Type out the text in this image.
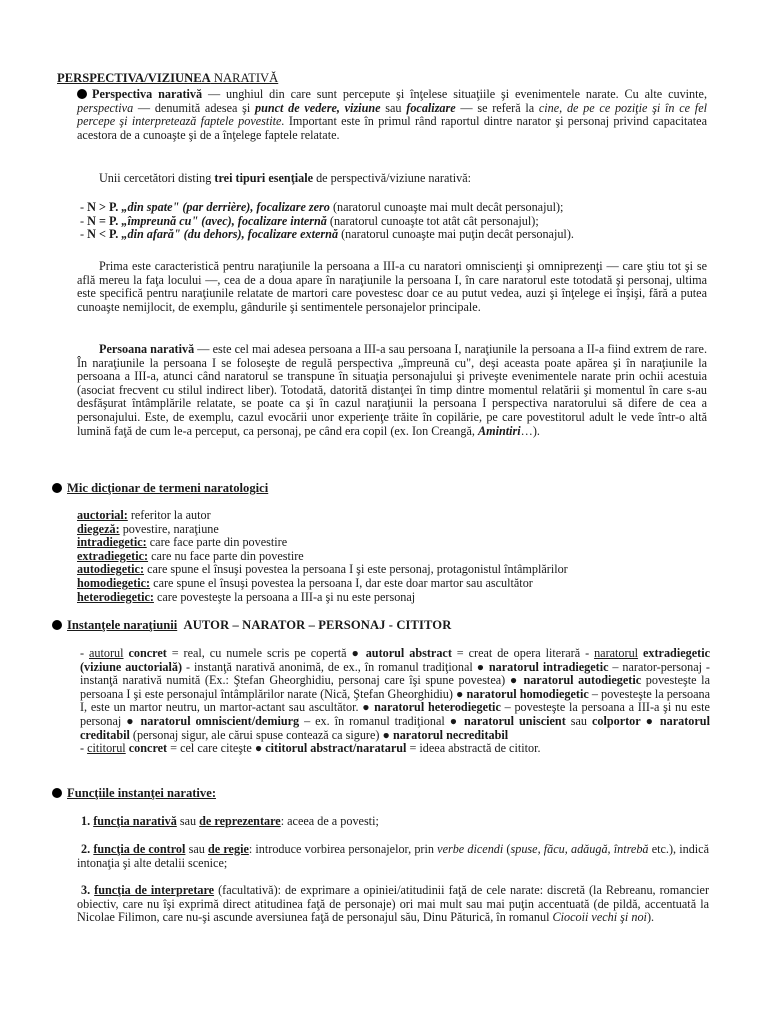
PERSPECTIVA/VIZIUNEA NARATIVĂ

Perspectiva narativă — unghiul din care sunt percepute şi înţelese situaţiile şi evenimentele narate. Cu alte cuvinte, perspectiva — denumită adesea şi punct de vedere, viziune sau focalizare — se referă la cine, de pe ce poziţie şi în ce fel percepe şi interpretează faptele povestite. Important este în primul rând raportul dintre narator şi personaj privind capacitatea acestora de a cunoaşte şi de a înţelege faptele relatate.

Unii cercetători disting trei tipuri esenţiale de perspectivă/viziune narativă:

- N > P. „din spate" (par derrière), focalizare zero (naratorul cunoaşte mai mult decât personajul);

- N = P. „împreună cu" (avec), focalizare internă (naratorul cunoaşte tot atât cât personajul);

- N < P. „din afară" (du dehors), focalizare externă (naratorul cunoaşte mai puţin decât personajul).

Prima este caracteristică pentru naraţiunile la persoana a III-a cu naratori omniscienţi şi omniprezenţi — care ştiu tot şi se află mereu la faţa locului —, cea de a doua apare în naraţiunile la persoana I, în care naratorul este totodată şi personaj, ultima este specifică pentru naraţiunile relatate de martori care povestesc doar ce au putut vedea, auzi şi înţelege ei înşişi, fără a putea cunoaşte nemijlocit, de exemplu, gândurile şi sentimentele personajelor principale.

Persoana narativă — este cel mai adesea persoana a III-a sau persoana I, naraţiunile la persoana a II-a fiind extrem de rare. În naraţiunile la persoana I se foloseşte de regulă perspectiva „împreună cu", deşi aceasta poate apărea şi în naraţiunile la persoana a III-a, atunci când naratorul se transpune în situaţia personajului şi priveşte evenimentele narate prin ochii acestuia (asociat frecvent cu stilul indirect liber). Totodată, datorită distanţei în timp dintre momentul relatării şi momentul în care s-au desfăşurat întâmplările relatate, se poate ca şi în cazul naraţiunii la persoana I perspectiva naratorului să difere de cea a personajului. Este, de exemplu, cazul evocării unor experienţe trăite în copilărie, pe care povestitorul adult le vede într-o altă lumină faţă de cum le-a perceput, ca personaj, pe când era copil (ex. Ion Creangă, Amintiri…).

Mic dicţionar de termeni naratologici
auctorial: referitor la autor
diegeză: povestire, naraţiune
intradiegetic: care face parte din povestire
extradiegetic: care nu face parte din povestire
autodiegetic: care spune el însuşi povestea la persoana I şi este personaj, protagonistul întâmplărilor
homodiegetic: care spune el însuşi povestea la persoana I, dar este doar martor sau ascultător
heterodiegetic: care povesteşte la persoana a III-a şi nu este personaj
Instanţele naraţiunii AUTOR – NARATOR – PERSONAJ - CITITOR

- autorul concret = real, cu numele scris pe copertă ● autorul abstract = creat de opera literară - naratorul extradiegetic (viziune auctorială) - instanţă narativă anonimă, de ex., în romanul tradiţional ● naratorul intradiegetic – narator-personaj - instanţă narativă numită (Ex.: Ştefan Gheorghidiu, personaj care îşi spune povestea) ● naratorul autodiegetic povesteşte la persoana I şi este personajul întâmplărilor narate (Nică, Ştefan Gheorghidiu) ● naratorul homodiegetic – povesteşte la persoana I, este un martor neutru, un martor-actant sau ascultător. ● naratorul heterodiegetic – povesteşte la persoana a III-a şi nu este personaj ● naratorul omniscient/demiurg – ex. în romanul tradiţional ● naratorul uniscient sau colportor ● naratorul creditabil (personaj sigur, ale cărui spuse contează ca sigure) ● naratorul necreditabil

- cititorul concret = cel care citeşte ● cititorul abstract/naratarul = ideea abstractă de cititor.

Funcţiile instanţei narative:

1. funcţia narativă sau de reprezentare: aceea de a povesti;

2. funcţia de control sau de regie: introduce vorbirea personajelor, prin verbe dicendi (spuse, făcu, adăugă, întrebă etc.), indică intonaţia şi alte detalii scenice;

3. funcţia de interpretare (facultativă): de exprimare a opiniei/atitudinii faţă de cele narate: discretă (la Rebreanu, romancier obiectiv, care nu îşi exprimă direct atitudinea faţă de personaje) ori mai mult sau mai puţin accentuată (de pildă, accentuată la Nicolae Filimon, care nu-şi ascunde aversiunea faţă de personajul său, Dinu Păturică, în romanul Ciocoii vechi şi noi).
